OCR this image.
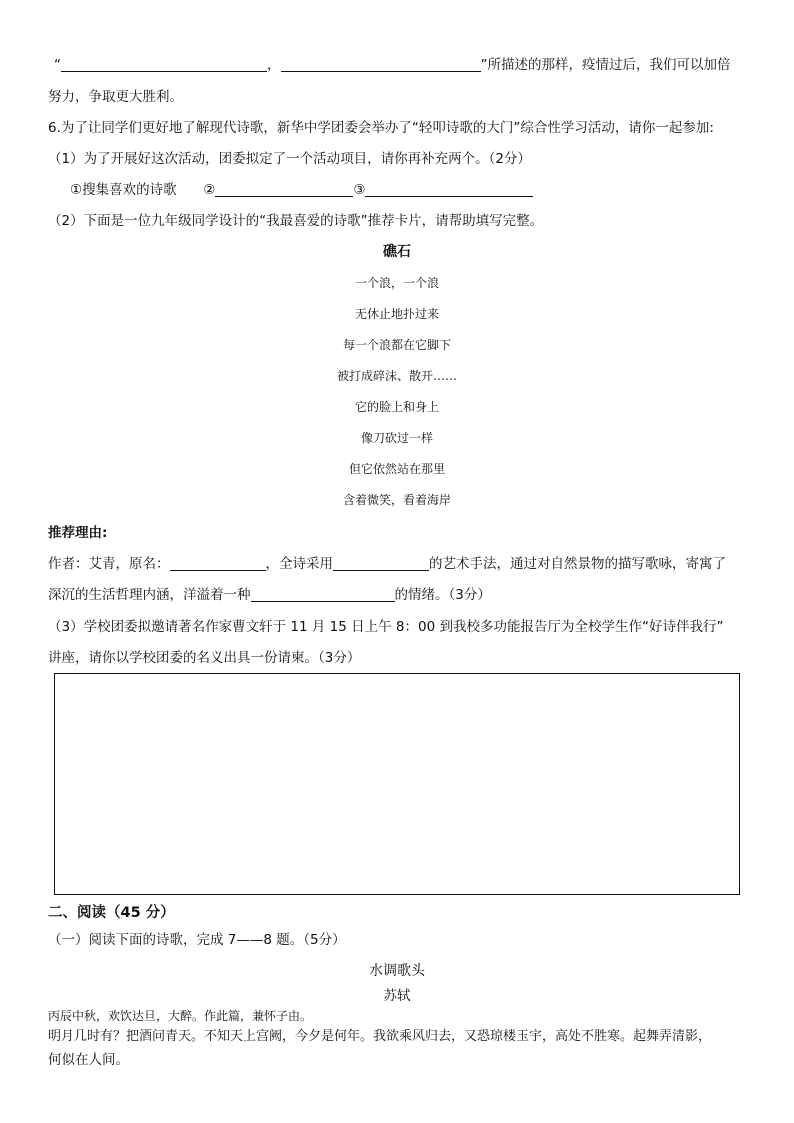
“	，	”所描述的那样，疫情过后，我们可以加倍
努力，争取更大胜利。
6.为了让同学们更好地了解现代诗歌，新华中学团委会举办了“轻叩诗歌的大门”综合性学习活动，请你一起参加:
（1）为了开展好这次活动，团委拟定了一个活动项目，请你再补充两个。（2分）
①搜集喜欢的诗歌 ②	③
（2）下面是一位九年级同学设计的“我最喜爱的诗歌”推荐卡片，请帮助填写完整。
礁石
一个浪，一个浪
无休止地扑过来
每一个浪都在它脚下
被打成碎沫、散开……
它的脸上和身上
像刀砍过一样
但它依然站在那里
含着微笑，看着海岸
推荐理由:
作者：艾青，原名：	，全诗采用	的艺术手法，通过对自然景物的描写歌咏，寄寓了
深沉的生活哲理内涵，洋溢着一种	的情绪。（3分）
（3）学校团委拟邀请著名作家曹文轩于 11 月 15 日上午 8：00 到我校多功能报告厅为全校学生作“好诗伴我行”
讲座，请你以学校团委的名义出具一份请柬。（3分）
二、阅读（45 分）
（一）阅读下面的诗歌，完成 7——8 题。（5分）
水调歌头
苏轼
丙辰中秋，欢饮达旦，大醉。作此篇，兼怀子由。
明月几时有？把酒问青天。不知天上宫阙，今夕是何年。我欲乘风归去，又恐琼楼玉宇，高处不胜寒。起舞弄清影，
何似在人间。
